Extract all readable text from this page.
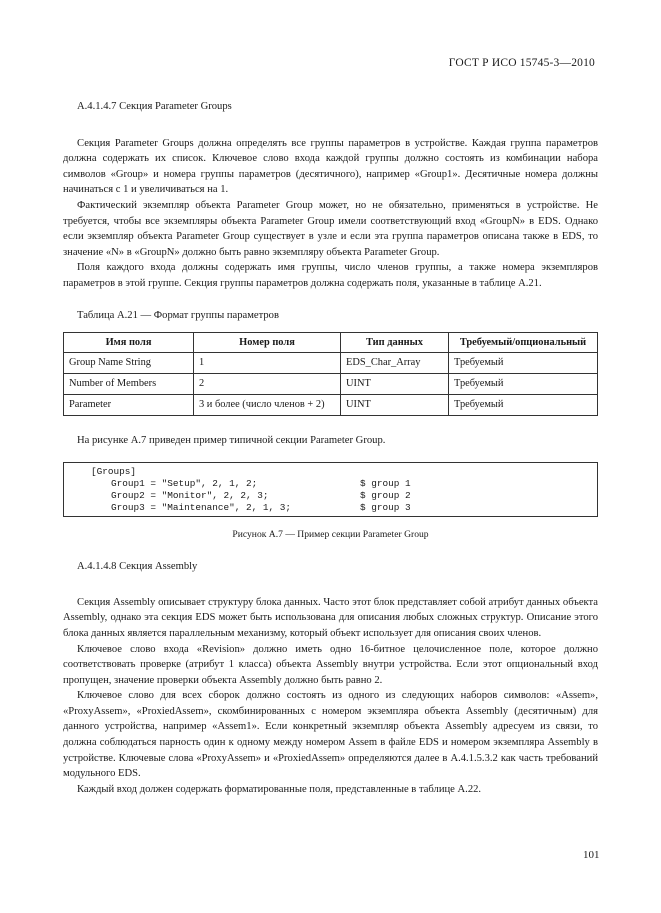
ГОСТ Р ИСО 15745-3—2010

A.4.1.4.7 Секция Parameter Groups

Секция Parameter Groups должна определять все группы параметров в устройстве. Каждая группа параметров должна содержать их список. Ключевое слово входа каждой группы должно состоять из комбинации набора символов «Group» и номера группы параметров (десятичного), например «Group1». Десятичные номера должны начинаться с 1 и увеличиваться на 1.

Фактический экземпляр объекта Parameter Group может, но не обязательно, применяться в устройстве. Не требуется, чтобы все экземпляры объекта Parameter Group имели соответствующий вход «GroupN» в EDS. Однако если экземпляр объекта Parameter Group существует в узле и если эта группа параметров описана также в EDS, то значение «N» в «GroupN» должно быть равно экземпляру объекта Parameter Group.

Поля каждого входа должны содержать имя группы, число членов группы, а также номера экземпляров параметров в этой группе. Секция группы параметров должна содержать поля, указанные в таблице А.21.

Таблица А.21 — Формат группы параметров

Имя поля	Номер поля	Тип данных	Требуемый/опциональный
Group Name String	1	EDS_Char_Array	Требуемый
Number of Members	2	UINT	Требуемый
Parameter	3 и более (число членов + 2)	UINT	Требуемый

На рисунке А.7 приведен пример типичной секции Parameter Group.

[Groups]
Group1 = "Setup", 2, 1, 2;	$ group 1
Group2 = "Monitor", 2, 2, 3;	$ group 2
Group3 = "Maintenance", 2, 1, 3;	$ group 3

Рисунок А.7 — Пример секции Parameter Group

A.4.1.4.8 Секция Assembly

Секция Assembly описывает структуру блока данных. Часто этот блок представляет собой атрибут данных объекта Assembly, однако эта секция EDS может быть использована для описания любых сложных структур. Описание этого блока данных является параллельным механизму, который объект использует для описания своих членов.

Ключевое слово входа «Revision» должно иметь одно 16-битное целочисленное поле, которое должно соответствовать проверке (атрибут 1 класса) объекта Assembly внутри устройства. Если этот опциональный вход пропущен, значение проверки объекта Assembly должно быть равно 2.

Ключевое слово для всех сборок должно состоять из одного из следующих наборов символов: «Assem», «ProxyAssem», «ProxiedAssem», скомбинированных с номером экземпляра объекта Assembly (десятичным) для данного устройства, например «Assem1». Если конкретный экземпляр объекта Assembly адресуем из связи, то должна соблюдаться парность один к одному между номером Assem в файле EDS и номером экземпляра Assembly в устройстве. Ключевые слова «ProxyAssem» и «ProxiedAssem» определяются далее в А.4.1.5.3.2 как часть требований модульного EDS.

Каждый вход должен содержать форматированные поля, представленные в таблице А.22.

101
